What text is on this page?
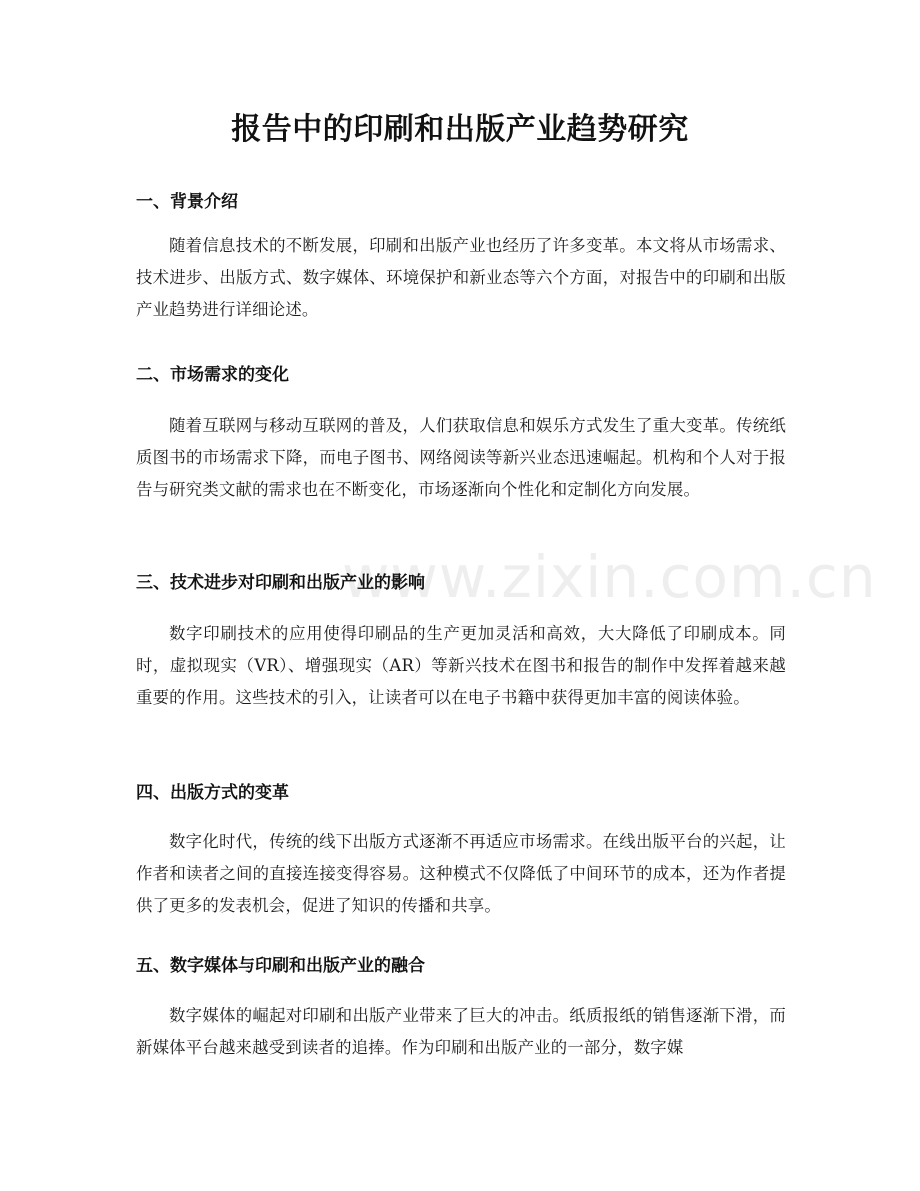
www.zixin.com.cn
报告中的印刷和出版产业趋势研究
一、背景介绍

随着信息技术的不断发展，印刷和出版产业也经历了许多变革。本文将从市场需求、技术进步、出版方式、数字媒体、环境保护和新业态等六个方面，对报告中的印刷和出版产业趋势进行详细论述。

二、市场需求的变化

随着互联网与移动互联网的普及，人们获取信息和娱乐方式发生了重大变革。传统纸质图书的市场需求下降，而电子图书、网络阅读等新兴业态迅速崛起。机构和个人对于报告与研究类文献的需求也在不断变化，市场逐渐向个性化和定制化方向发展。

三、技术进步对印刷和出版产业的影响

数字印刷技术的应用使得印刷品的生产更加灵活和高效，大大降低了印刷成本。同时，虚拟现实（VR）、增强现实（AR）等新兴技术在图书和报告的制作中发挥着越来越重要的作用。这些技术的引入，让读者可以在电子书籍中获得更加丰富的阅读体验。

四、出版方式的变革

数字化时代，传统的线下出版方式逐渐不再适应市场需求。在线出版平台的兴起，让作者和读者之间的直接连接变得容易。这种模式不仅降低了中间环节的成本，还为作者提供了更多的发表机会，促进了知识的传播和共享。

五、数字媒体与印刷和出版产业的融合

数字媒体的崛起对印刷和出版产业带来了巨大的冲击。纸质报纸的销售逐渐下滑，而新媒体平台越来越受到读者的追捧。作为印刷和出版产业的一部分，数字媒
